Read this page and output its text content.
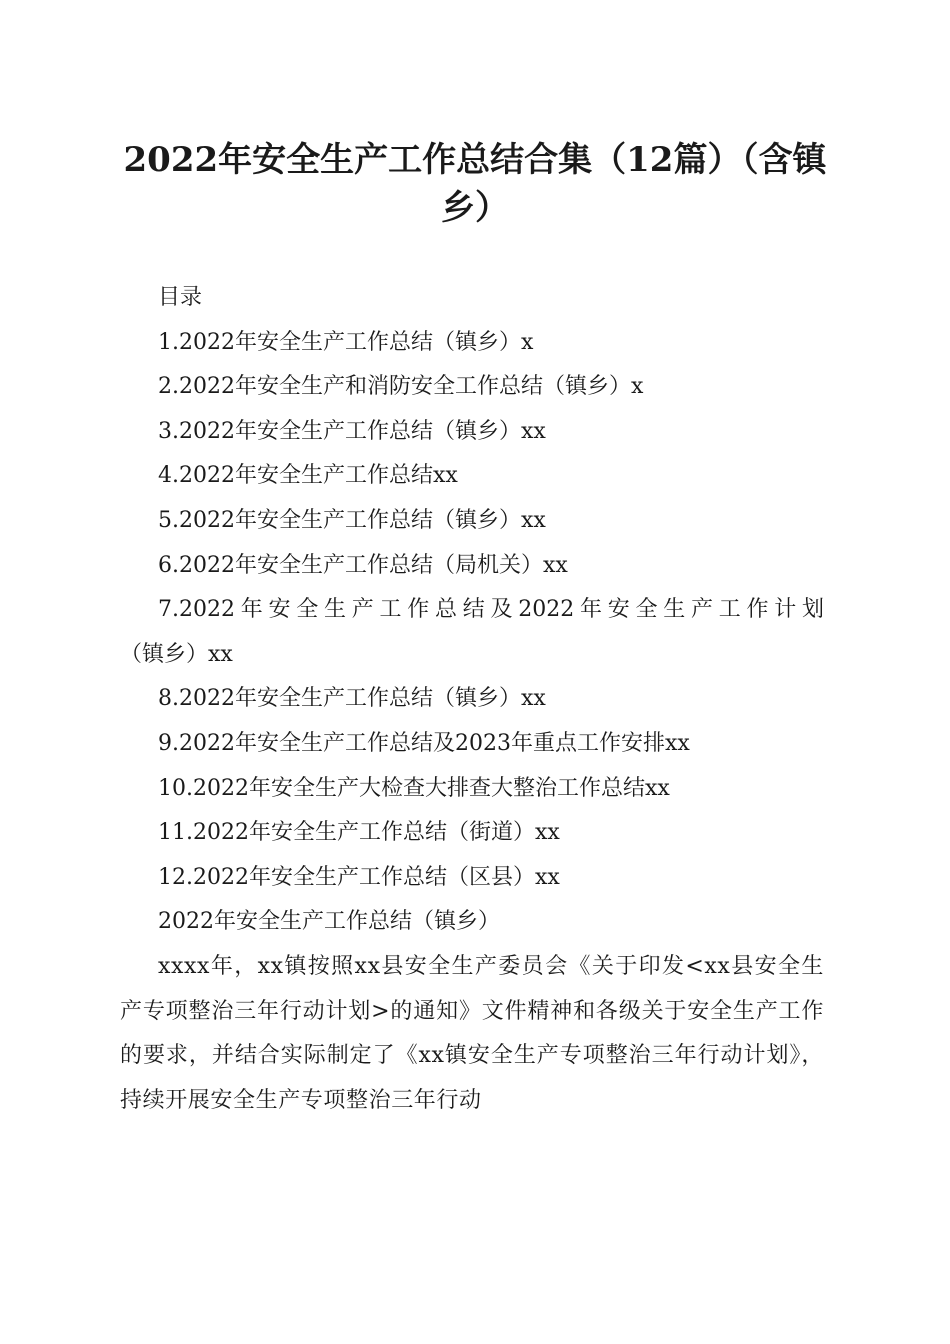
2022年安全生产工作总结合集（12篇）（含镇乡）
目录
1.2022年安全生产工作总结（镇乡）x
2.2022年安全生产和消防安全工作总结（镇乡）x
3.2022年安全生产工作总结（镇乡）xx
4.2022年安全生产工作总结xx
5.2022年安全生产工作总结（镇乡）xx
6.2022年安全生产工作总结（局机关）xx
7.2022年安全生产工作总结及2022年安全生产工作计划
（镇乡）xx
8.2022年安全生产工作总结（镇乡）xx
9.2022年安全生产工作总结及2023年重点工作安排xx
10.2022年安全生产大检查大排查大整治工作总结xx
11.2022年安全生产工作总结（街道）xx
12.2022年安全生产工作总结（区县）xx
2022年安全生产工作总结（镇乡）

xxxx年，xx镇按照xx县安全生产委员会《关于印发<xx县安全生产专项整治三年行动计划>的通知》文件精神和各级关于安全生产工作的要求，并结合实际制定了《xx镇安全生产专项整治三年行动计划》，持续开展安全生产专项整治三年行动
